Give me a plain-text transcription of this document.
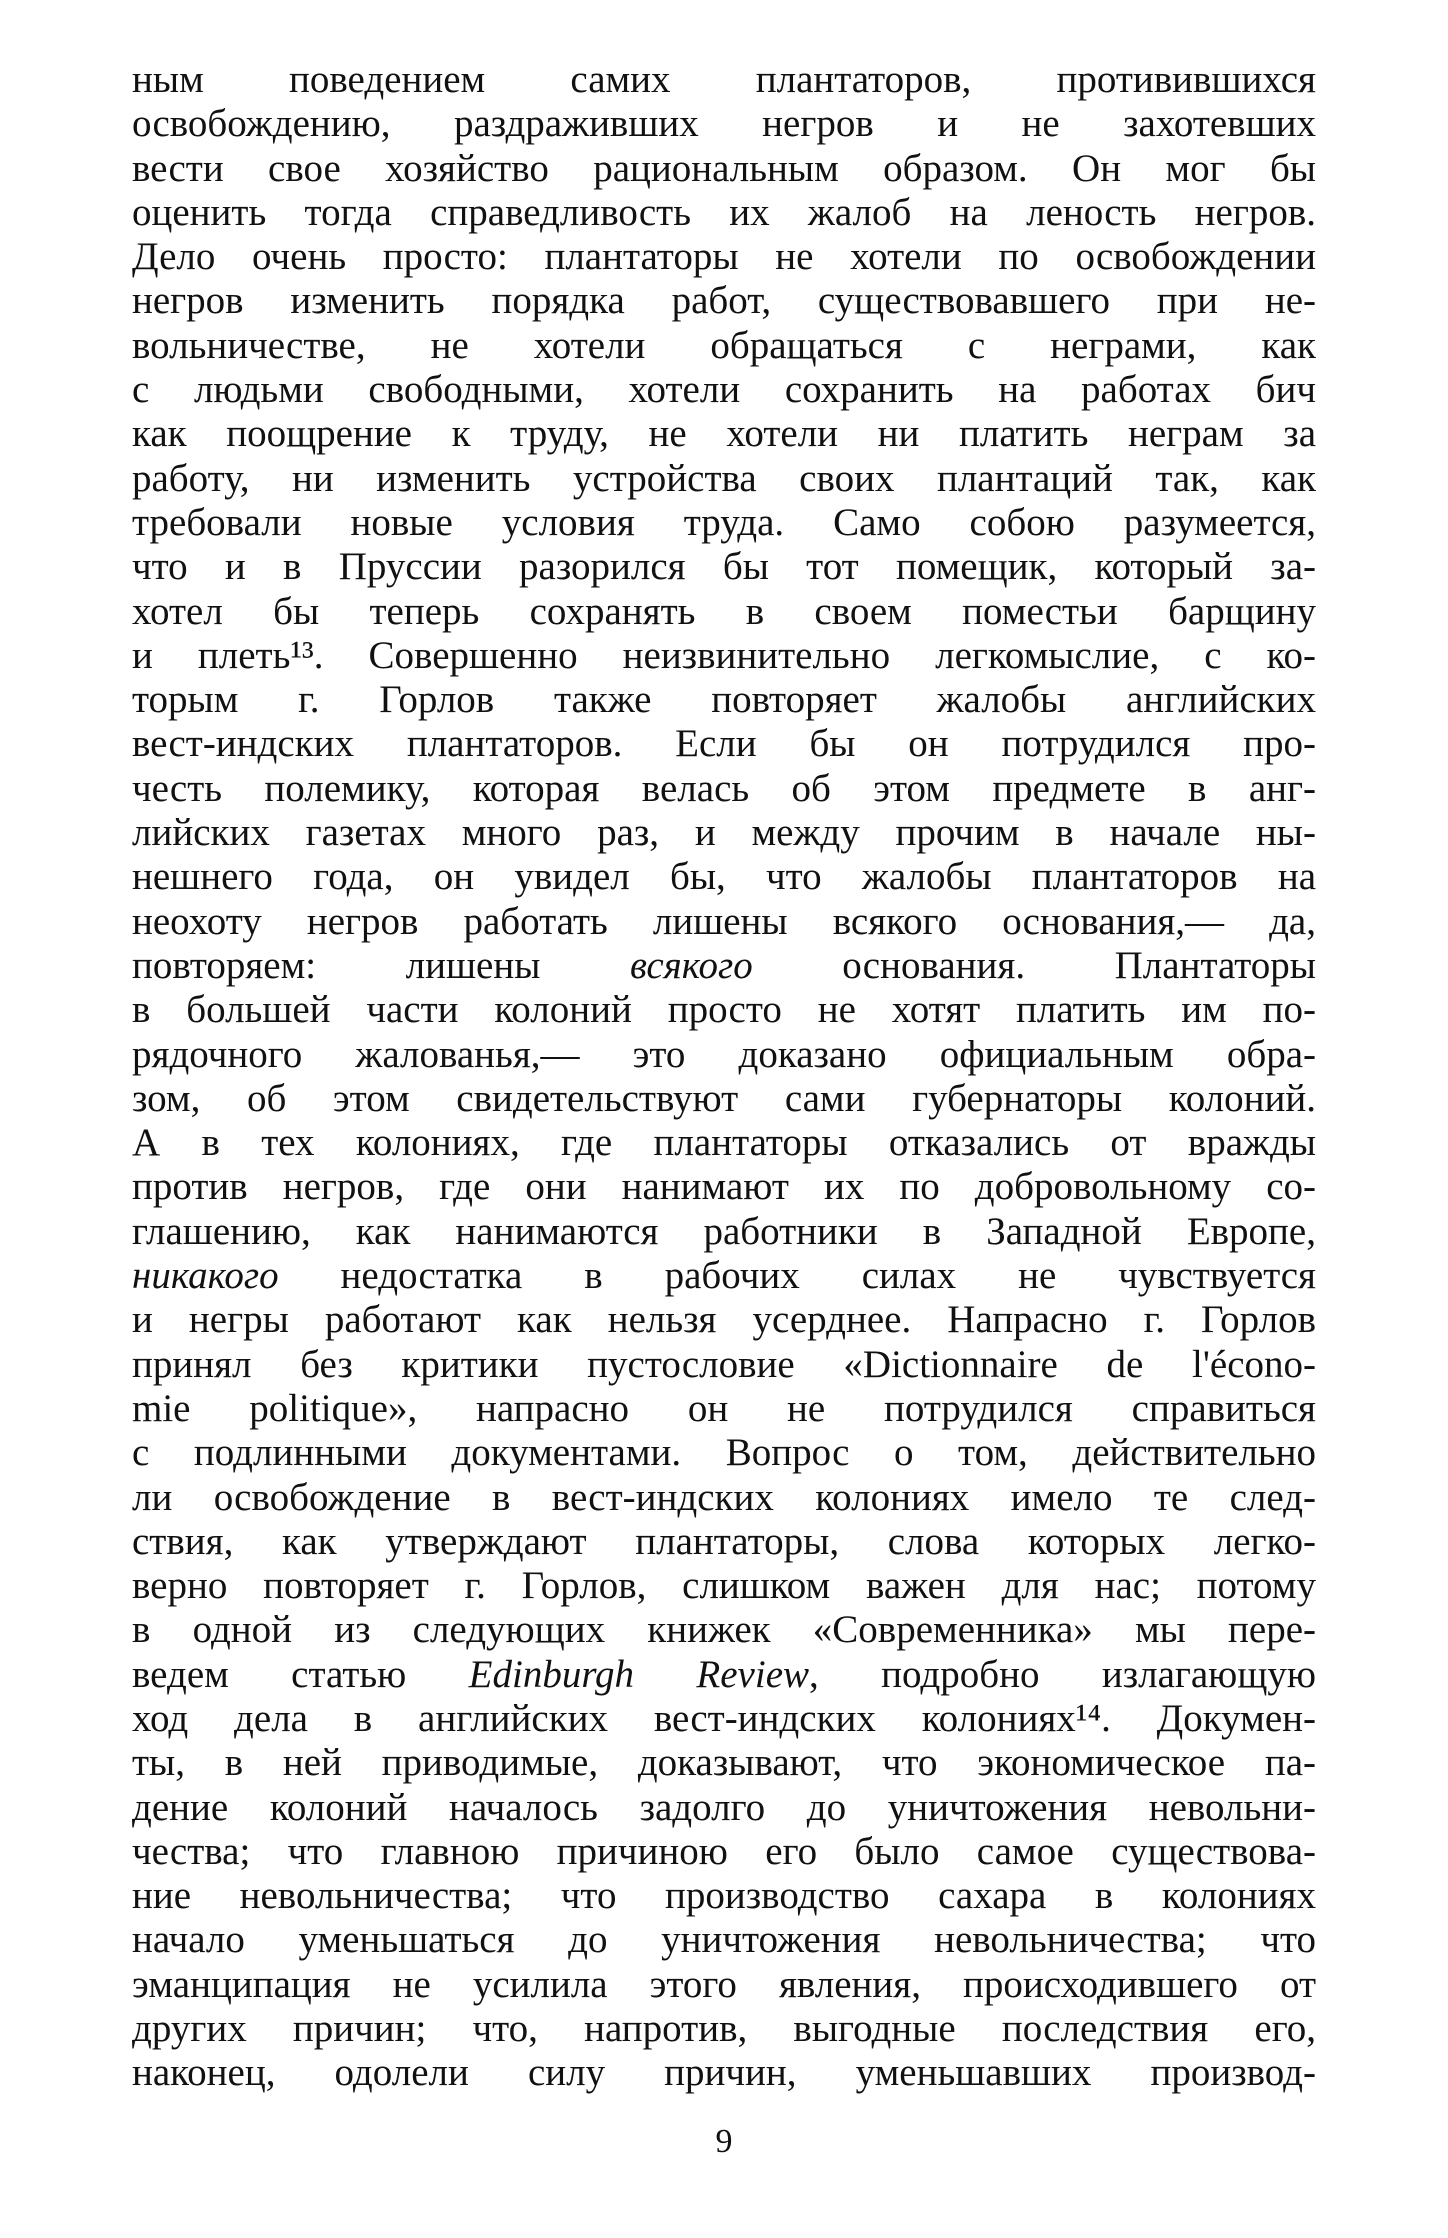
ным поведением самих плантаторов, противившихся
освобождению, раздраживших негров и не захотевших
вести свое хозяйство рациональным образом. Он мог бы
оценить тогда справедливость их жалоб на леность негров.
Дело очень просто: плантаторы не хотели по освобождении
негров изменить порядка работ, существовавшего при не-
вольничестве, не хотели обращаться с неграми, как
с людьми свободными, хотели сохранить на работах бич
как поощрение к труду, не хотели ни платить неграм за
работу, ни изменить устройства своих плантаций так, как
требовали новые условия труда. Само собою разумеется,
что и в Пруссии разорился бы тот помещик, который за-
хотел бы теперь сохранять в своем поместьи барщину
и плеть¹³. Совершенно неизвинительно легкомыслие, с ко-
торым г. Горлов также повторяет жалобы английских
вест-индских плантаторов. Если бы он потрудился про-
честь полемику, которая велась об этом предмете в анг-
лийских газетах много раз, и между прочим в начале ны-
нешнего года, он увидел бы, что жалобы плантаторов на
неохоту негров работать лишены всякого основания,— да,
повторяем: лишены всякого основания. Плантаторы
в большей части колоний просто не хотят платить им по-
рядочного жалованья,— это доказано официальным обра-
зом, об этом свидетельствуют сами губернаторы колоний.
А в тех колониях, где плантаторы отказались от вражды
против негров, где они нанимают их по добровольному со-
глашению, как нанимаются работники в Западной Европе,
никакого недостатка в рабочих силах не чувствуется
и негры работают как нельзя усерднее. Напрасно г. Горлов
принял без критики пустословие «Dictionnaire de l'écono-
mie politique», напрасно он не потрудился справиться
с подлинными документами. Вопрос о том, действительно
ли освобождение в вест-индских колониях имело те след-
ствия, как утверждают плантаторы, слова которых легко-
верно повторяет г. Горлов, слишком важен для нас; потому
в одной из следующих книжек «Современника» мы пере-
ведем статью Edinburgh Review, подробно излагающую
ход дела в английских вест-индских колониях¹⁴. Докумен-
ты, в ней приводимые, доказывают, что экономическое па-
дение колоний началось задолго до уничтожения невольни-
чества; что главною причиною его было самое существова-
ние невольничества; что производство сахара в колониях
начало уменьшаться до уничтожения невольничества; что
эманципация не усилила этого явления, происходившего от
других причин; что, напротив, выгодные последствия его,
наконец, одолели силу причин, уменьшавших производ-
9
